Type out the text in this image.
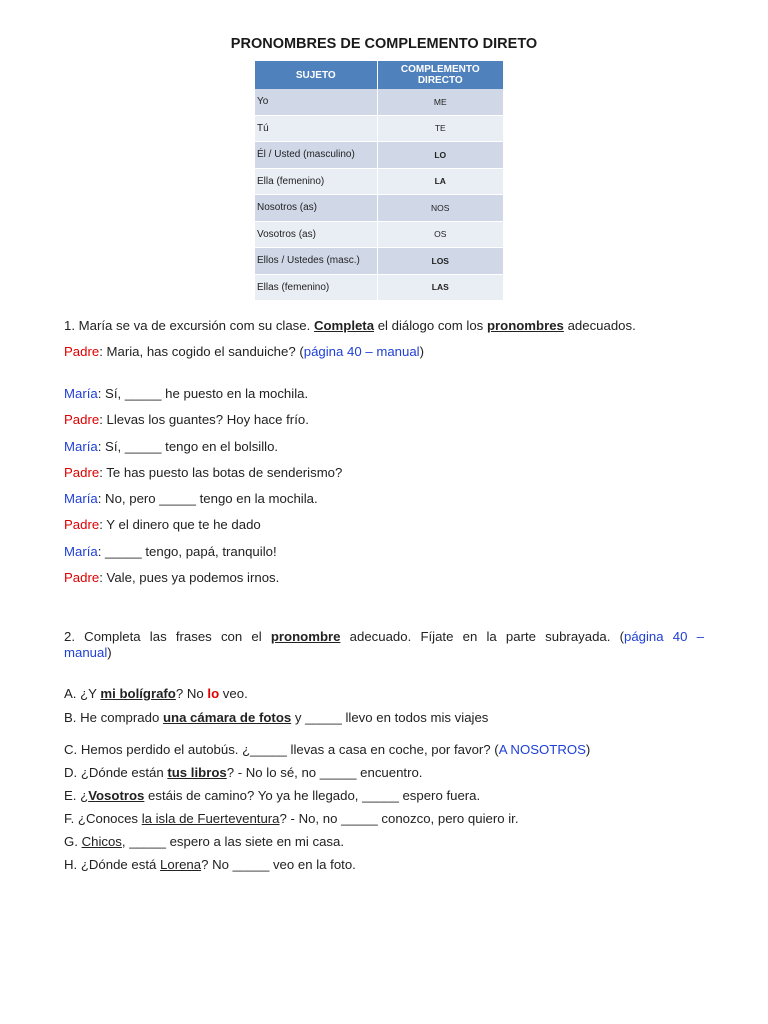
PRONOMBRES DE COMPLEMENTO DIRETO
SUJETO	COMPLEMENTO DIRECTO
Yo	ME
Tú	TE
Él / Usted (masculino)	LO
Ella (femenino)	LA
Nosotros (as)	NOS
Vosotros (as)	OS
Ellos / Ustedes (masc.)	LOS
Ellas (femenino)	LAS
1. María se va de excursión com su clase. Completa el diálogo com los pronombres adecuados.
Padre: Maria, has cogido el sanduiche? (página 40 – manual)
María: Sí, _____ he puesto en la mochila.
Padre: Llevas los guantes? Hoy hace frío.
María: Sí, _____ tengo en el bolsillo.
Padre: Te has puesto las botas de senderismo?
María: No, pero _____ tengo en la mochila.
Padre: Y el dinero que te he dado
María: _____ tengo, papá, tranquilo!
Padre: Vale, pues ya podemos irnos.
2. Completa las frases con el pronombre adecuado. Fíjate en la parte subrayada. (página 40 –
manual)
A. ¿Y mi bolígrafo? No lo veo.
B. He comprado una cámara de fotos y _____ llevo en todos mis viajes
C. Hemos perdido el autobús. ¿_____ llevas a casa en coche, por favor? (A NOSOTROS)
D. ¿Dónde están tus libros? - No lo sé, no _____ encuentro.
E. ¿Vosotros estáis de camino? Yo ya he llegado, _____ espero fuera.
F. ¿Conoces la isla de Fuerteventura? - No, no _____ conozco, pero quiero ir.
G. Chicos, _____ espero a las siete en mi casa.
H. ¿Dónde está Lorena? No _____ veo en la foto.
